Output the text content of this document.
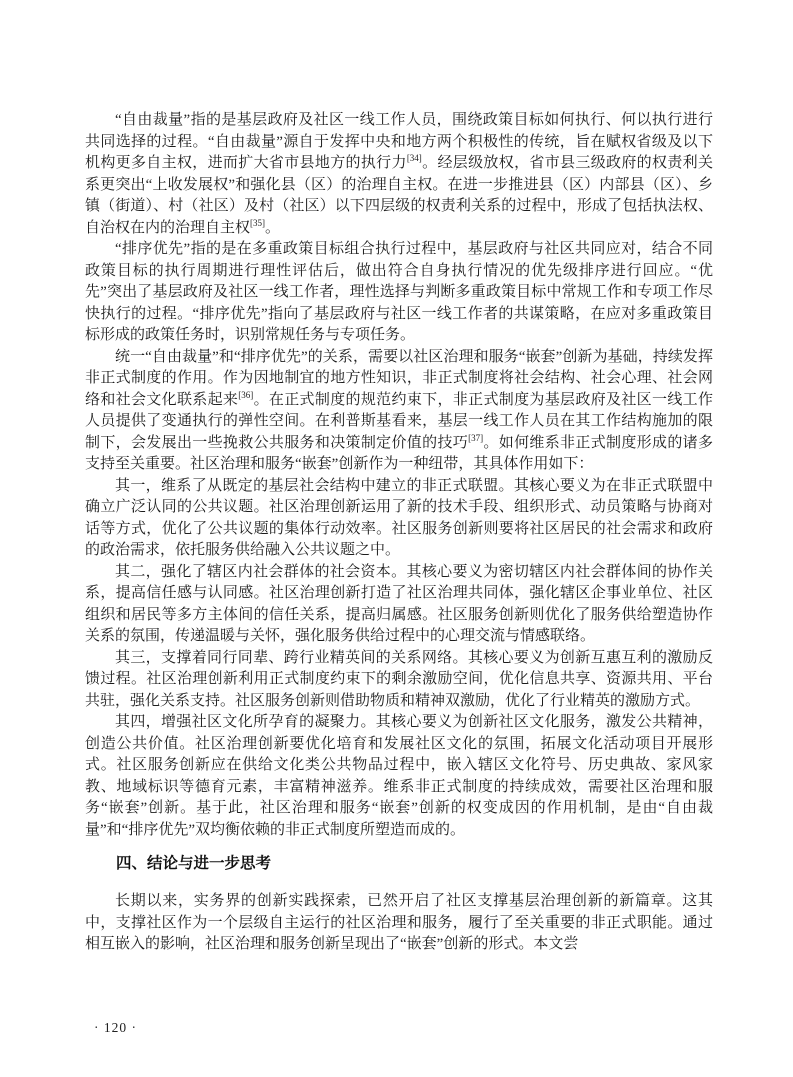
“自由裁量”指的是基层政府及社区一线工作人员，围绕政策目标如何执行、何以执行进行共同选择的过程。“自由裁量”源自于发挥中央和地方两个积极性的传统，旨在赋权省级及以下机构更多自主权，进而扩大省市县地方的执行力[34]。经层级放权，省市县三级政府的权责利关系更突出“上收发展权”和强化县（区）的治理自主权。在进一步推进县（区）内部县（区）、乡镇（街道）、村（社区）及村（社区）以下四层级的权责利关系的过程中，形成了包括执法权、自治权在内的治理自主权[35]。

“排序优先”指的是在多重政策目标组合执行过程中，基层政府与社区共同应对，结合不同政策目标的执行周期进行理性评估后，做出符合自身执行情况的优先级排序进行回应。“优先”突出了基层政府及社区一线工作者，理性选择与判断多重政策目标中常规工作和专项工作尽快执行的过程。“排序优先”指向了基层政府与社区一线工作者的共谋策略，在应对多重政策目标形成的政策任务时，识别常规任务与专项任务。

统一“自由裁量”和“排序优先”的关系，需要以社区治理和服务“嵌套”创新为基础，持续发挥非正式制度的作用。作为因地制宜的地方性知识，非正式制度将社会结构、社会心理、社会网络和社会文化联系起来[36]。在正式制度的规范约束下，非正式制度为基层政府及社区一线工作人员提供了变通执行的弹性空间。在利普斯基看来，基层一线工作人员在其工作结构施加的限制下，会发展出一些挽救公共服务和决策制定价值的技巧[37]。如何维系非正式制度形成的诸多支持至关重要。社区治理和服务“嵌套”创新作为一种纽带，其具体作用如下：

其一，维系了从既定的基层社会结构中建立的非正式联盟。其核心要义为在非正式联盟中确立广泛认同的公共议题。社区治理创新运用了新的技术手段、组织形式、动员策略与协商对话等方式，优化了公共议题的集体行动效率。社区服务创新则要将社区居民的社会需求和政府的政治需求，依托服务供给融入公共议题之中。

其二，强化了辖区内社会群体的社会资本。其核心要义为密切辖区内社会群体间的协作关系，提高信任感与认同感。社区治理创新打造了社区治理共同体，强化辖区企事业单位、社区组织和居民等多方主体间的信任关系，提高归属感。社区服务创新则优化了服务供给塑造协作关系的氛围，传递温暖与关怀，强化服务供给过程中的心理交流与情感联络。

其三，支撑着同行同辈、跨行业精英间的关系网络。其核心要义为创新互惠互利的激励反馈过程。社区治理创新利用正式制度约束下的剩余激励空间，优化信息共享、资源共用、平台共驻，强化关系支持。社区服务创新则借助物质和精神双激励，优化了行业精英的激励方式。

其四，增强社区文化所孕育的凝聚力。其核心要义为创新社区文化服务，激发公共精神，创造公共价值。社区治理创新要优化培育和发展社区文化的氛围，拓展文化活动项目开展形式。社区服务创新应在供给文化类公共物品过程中，嵌入辖区文化符号、历史典故、家风家教、地域标识等德育元素，丰富精神滋养。维系非正式制度的持续成效，需要社区治理和服务“嵌套”创新。基于此，社区治理和服务“嵌套”创新的权变成因的作用机制，是由“自由裁量”和“排序优先”双均衡依赖的非正式制度所塑造而成的。

四、结论与进一步思考

长期以来，实务界的创新实践探索，已然开启了社区支撑基层治理创新的新篇章。这其中，支撑社区作为一个层级自主运行的社区治理和服务，履行了至关重要的非正式职能。通过相互嵌入的影响，社区治理和服务创新呈现出了“嵌套”创新的形式。本文尝

· 120 ·
